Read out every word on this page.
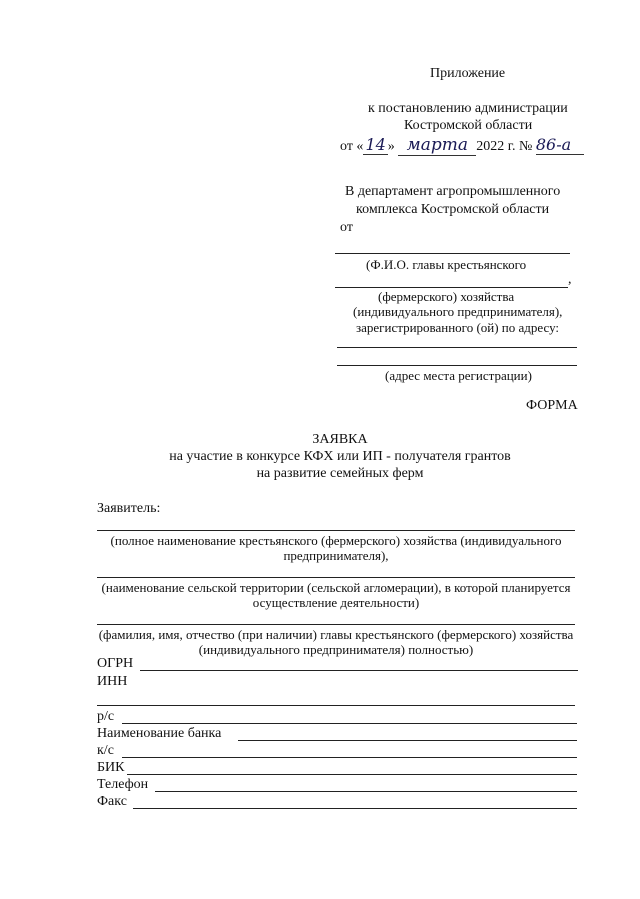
Приложение
к постановлению администрации
Костромской области
от « 14 » марта 2022 г. № 86-а
В департамент агропромышленного
комплекса Костромской области
от
(Ф.И.О. главы крестьянского
,
(фермерского) хозяйства
(индивидуального предпринимателя),
зарегистрированного (ой) по адресу:
(адрес места регистрации)
ФОРМА
ЗАЯВКА
на участие в конкурсе КФХ или ИП - получателя грантов
на развитие семейных ферм
Заявитель:
(полное наименование крестьянского (фермерского) хозяйства (индивидуального
предпринимателя),
(наименование сельской территории (сельской агломерации), в которой планируется
осуществление деятельности)
(фамилия, имя, отчество (при наличии) главы крестьянского (фермерского) хозяйства
(индивидуального предпринимателя) полностью)
ОГРН
ИНН
р/с
Наименование банка
к/с
БИК
Телефон
Факс
